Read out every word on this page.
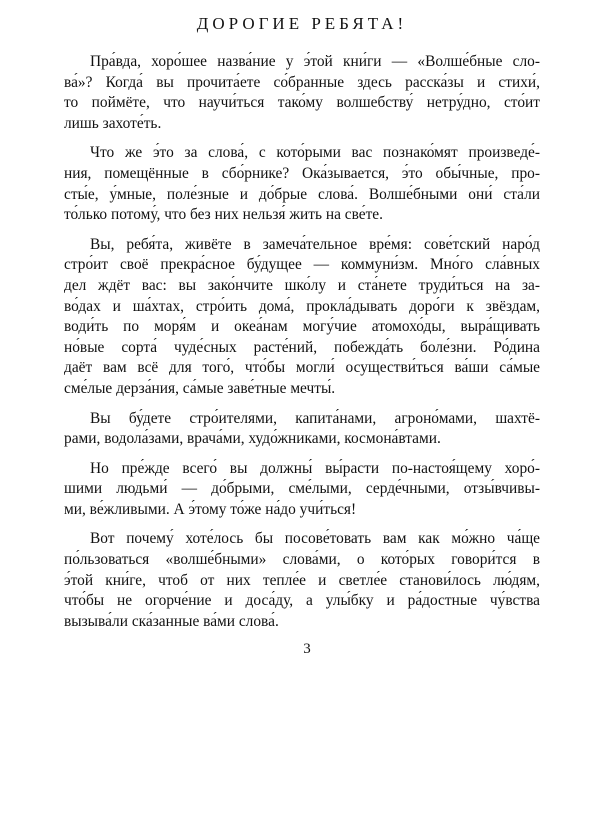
ДОРОГИЕ РЕБЯТА!
Пра́вда, хоро́шее назва́ние у э́той кни́ги — «Волше́бные сло-
ва́»? Когда́ вы прочита́ете со́бранные здесь расска́зы и стихи́,
то поймёте, что научи́ться тако́му волшебству́ нетру́дно, сто́ит
лишь захоте́ть.
Что же э́то за слова́, с кото́рыми вас познако́мят произведе́-
ния, помещённые в сбо́рнике? Ока́зывается, э́то обы́чные, про-
сты́е, у́мные, поле́зные и до́брые слова́. Волше́бными они́ ста́ли
то́лько потому́, что без них нельзя́ жить на све́те.
Вы, ребя́та, живёте в замеча́тельное вре́мя: сове́тский наро́д
стро́ит своё прекра́сное бу́дущее — коммуни́зм. Мно́го сла́вных
дел ждёт вас: вы зако́нчите шко́лу и ста́нете труди́ться на за-
во́дах и ша́хтах, стро́ить дома́, прокла́дывать доро́ги к звёздам,
води́ть по моря́м и океа́нам могу́чие атомохо́ды, выра́щивать
но́вые сорта́ чуде́сных расте́ний, побежда́ть боле́зни. Ро́дина
даёт вам всё для того́, что́бы могли́ осуществи́ться ва́ши са́мые
сме́лые дерза́ния, са́мые заве́тные мечты́.
Вы бу́дете стро́ителями, капита́нами, агроно́мами, шахтё-
рами, водола́зами, врача́ми, худо́жниками, космона́втами.
Но пре́жде всего́ вы должны́ вы́расти по-настоя́щему хоро́-
шими людьми́ — до́брыми, сме́лыми, серде́чными, отзы́вчивы-
ми, ве́жливыми. А э́тому то́же на́до учи́ться!
Вот почему́ хоте́лось бы посове́товать вам как мо́жно ча́ще
по́льзоваться «волше́бными» слова́ми, о кото́рых говори́тся в
э́той кни́ге, чтоб от них тепле́е и светле́е станови́лось лю́дям,
что́бы не огорче́ние и доса́ду, а улы́бку и ра́достные чу́вства
вызыва́ли ска́занные ва́ми слова́.
3
